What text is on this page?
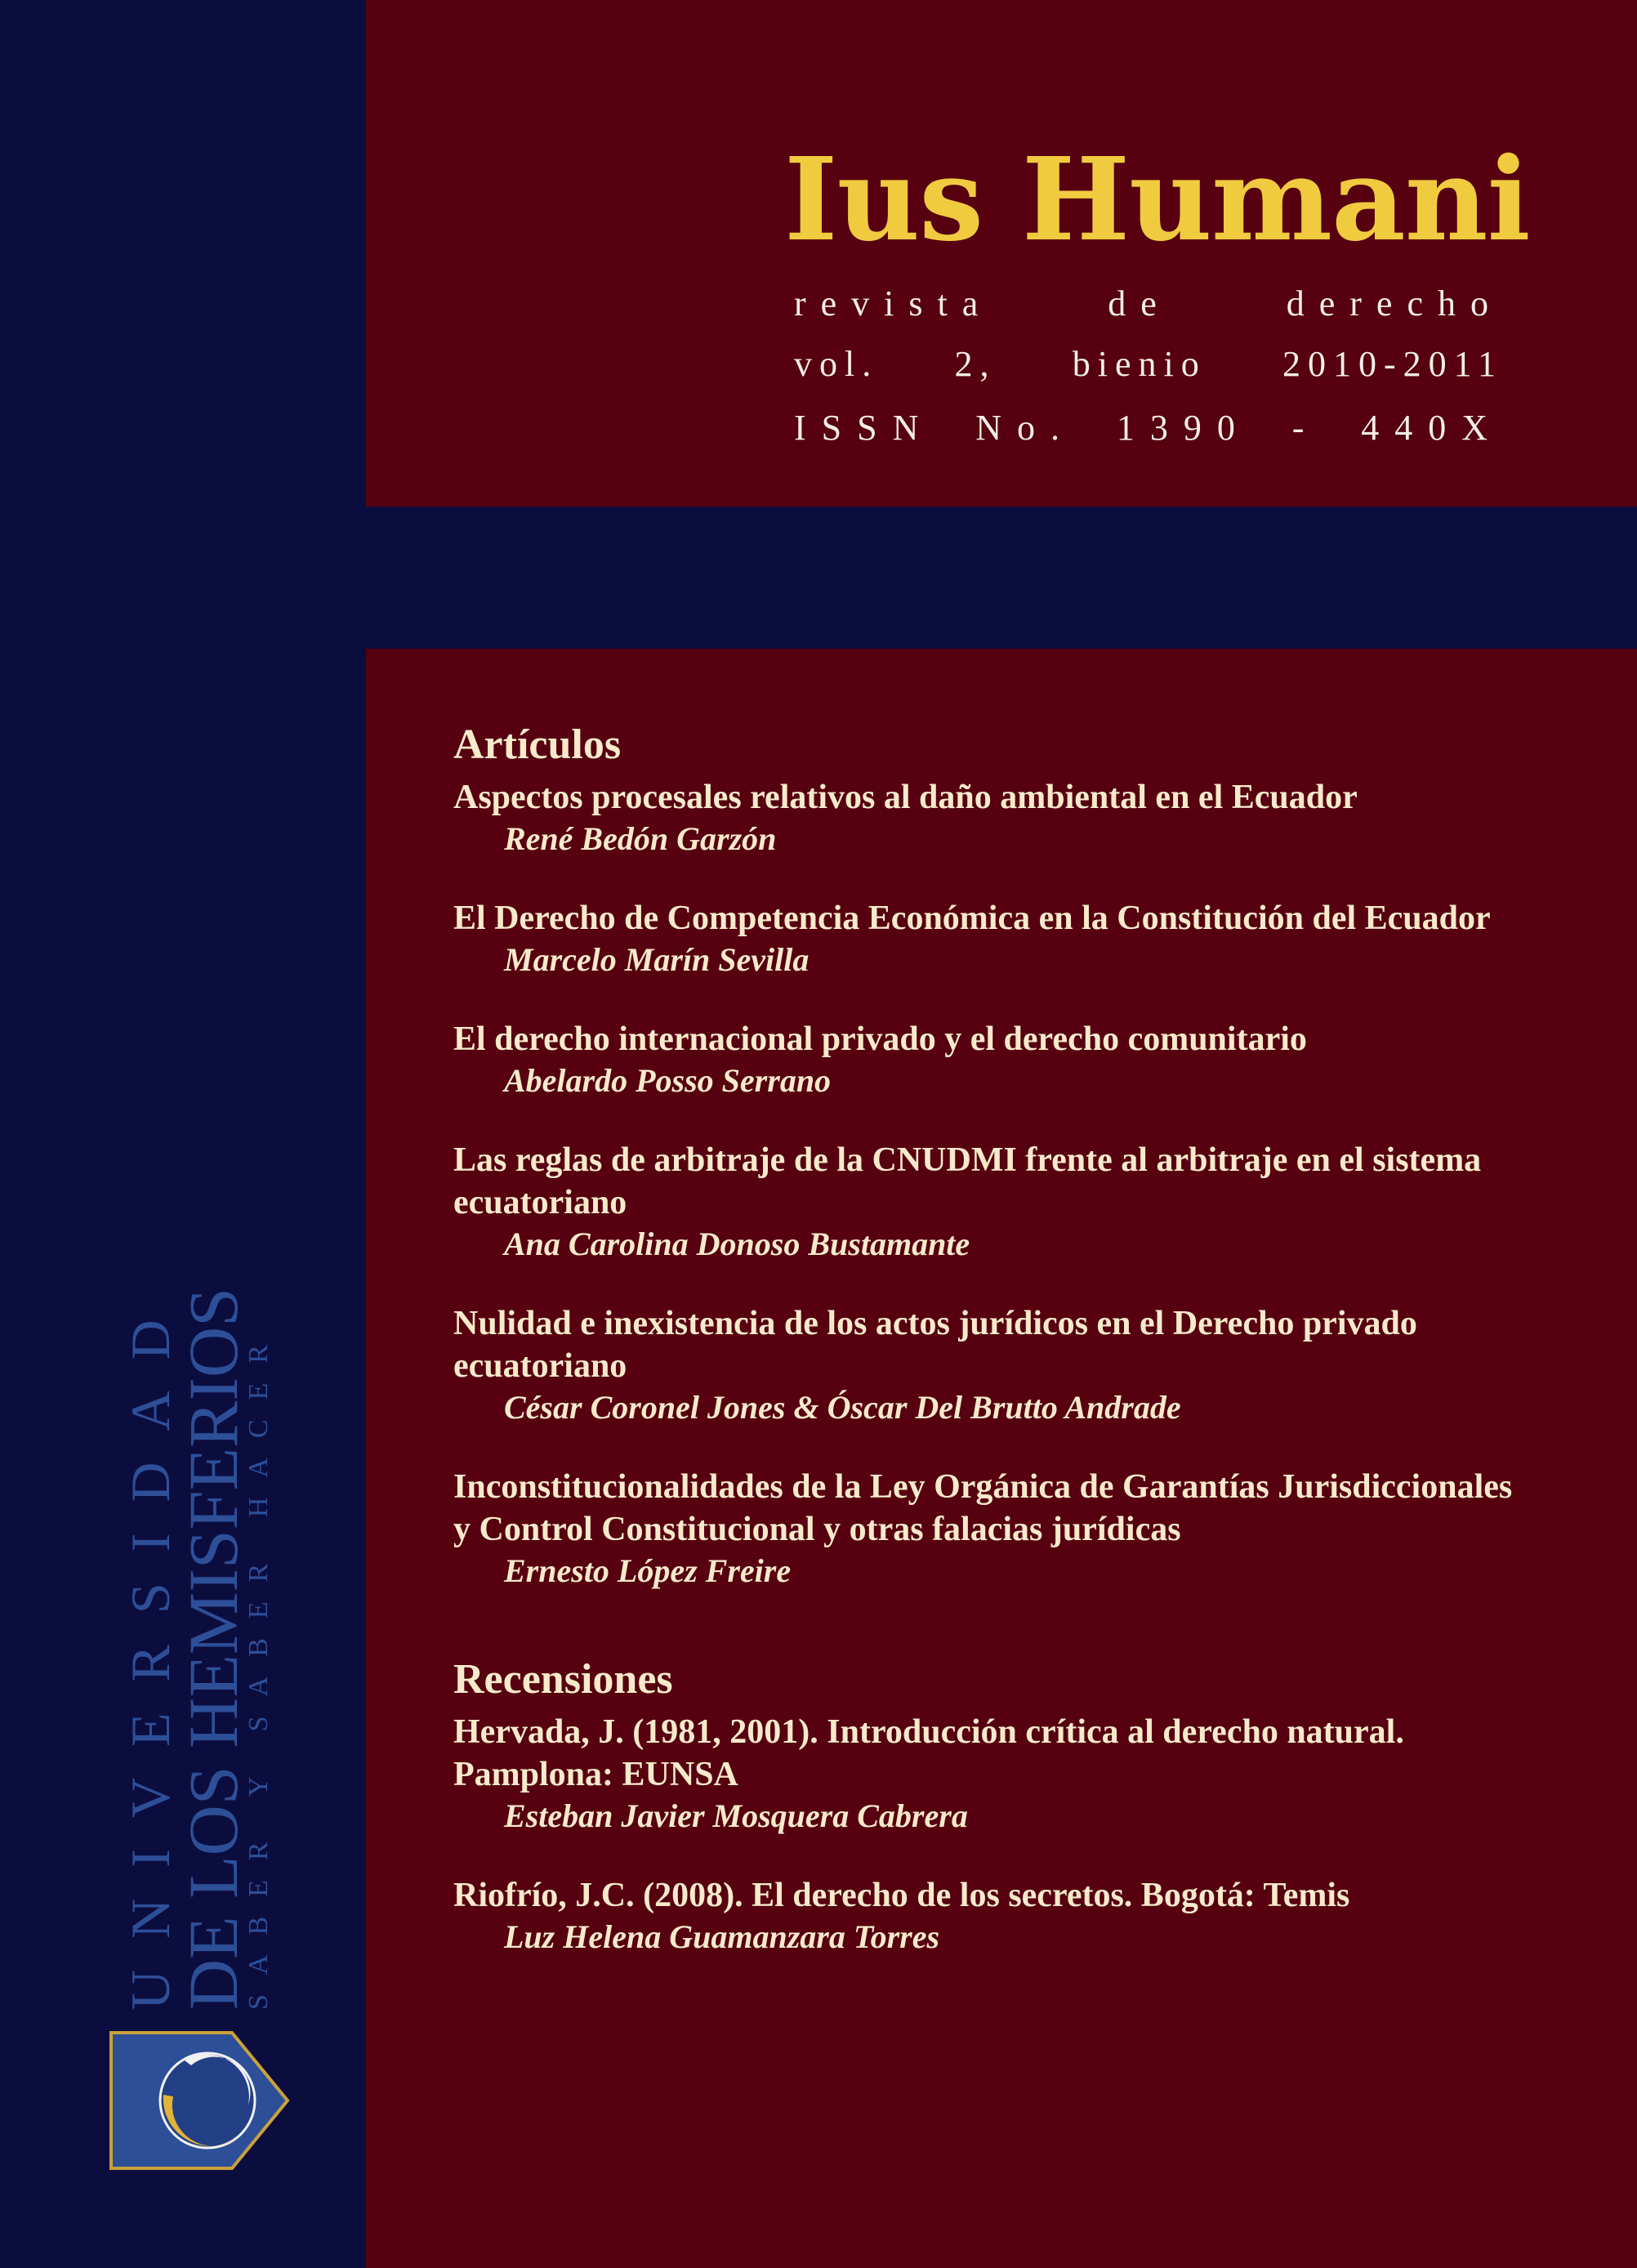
Ius Humani
revista de derecho
vol. 2, bienio 2010-2011
ISSN No. 1390 - 440X
Artículos
Aspectos procesales relativos al daño ambiental en el Ecuador
René Bedón Garzón
El Derecho de Competencia Económica en la Constitución del Ecuador
Marcelo Marín Sevilla
El derecho internacional privado y el derecho comunitario
Abelardo Posso Serrano
Las reglas de arbitraje de la CNUDMI frente al arbitraje en el sistema ecuatoriano
Ana Carolina Donoso Bustamante
Nulidad e inexistencia de los actos jurídicos en el Derecho privado ecuatoriano
César Coronel Jones & Óscar Del Brutto Andrade
Inconstitucionalidades de la Ley Orgánica de Garantías Jurisdiccionales y Control Constitucional y otras falacias jurídicas
Ernesto López Freire
Recensiones
Hervada, J. (1981, 2001). Introducción crítica al derecho natural. Pamplona: EUNSA
Esteban Javier Mosquera Cabrera
Riofrío, J.C. (2008). El derecho de los secretos. Bogotá: Temis
Luz Helena Guamanzara Torres
UNIVERSIDAD
DE LOS HEMISFERIOS
SABER Y SABER HACER
